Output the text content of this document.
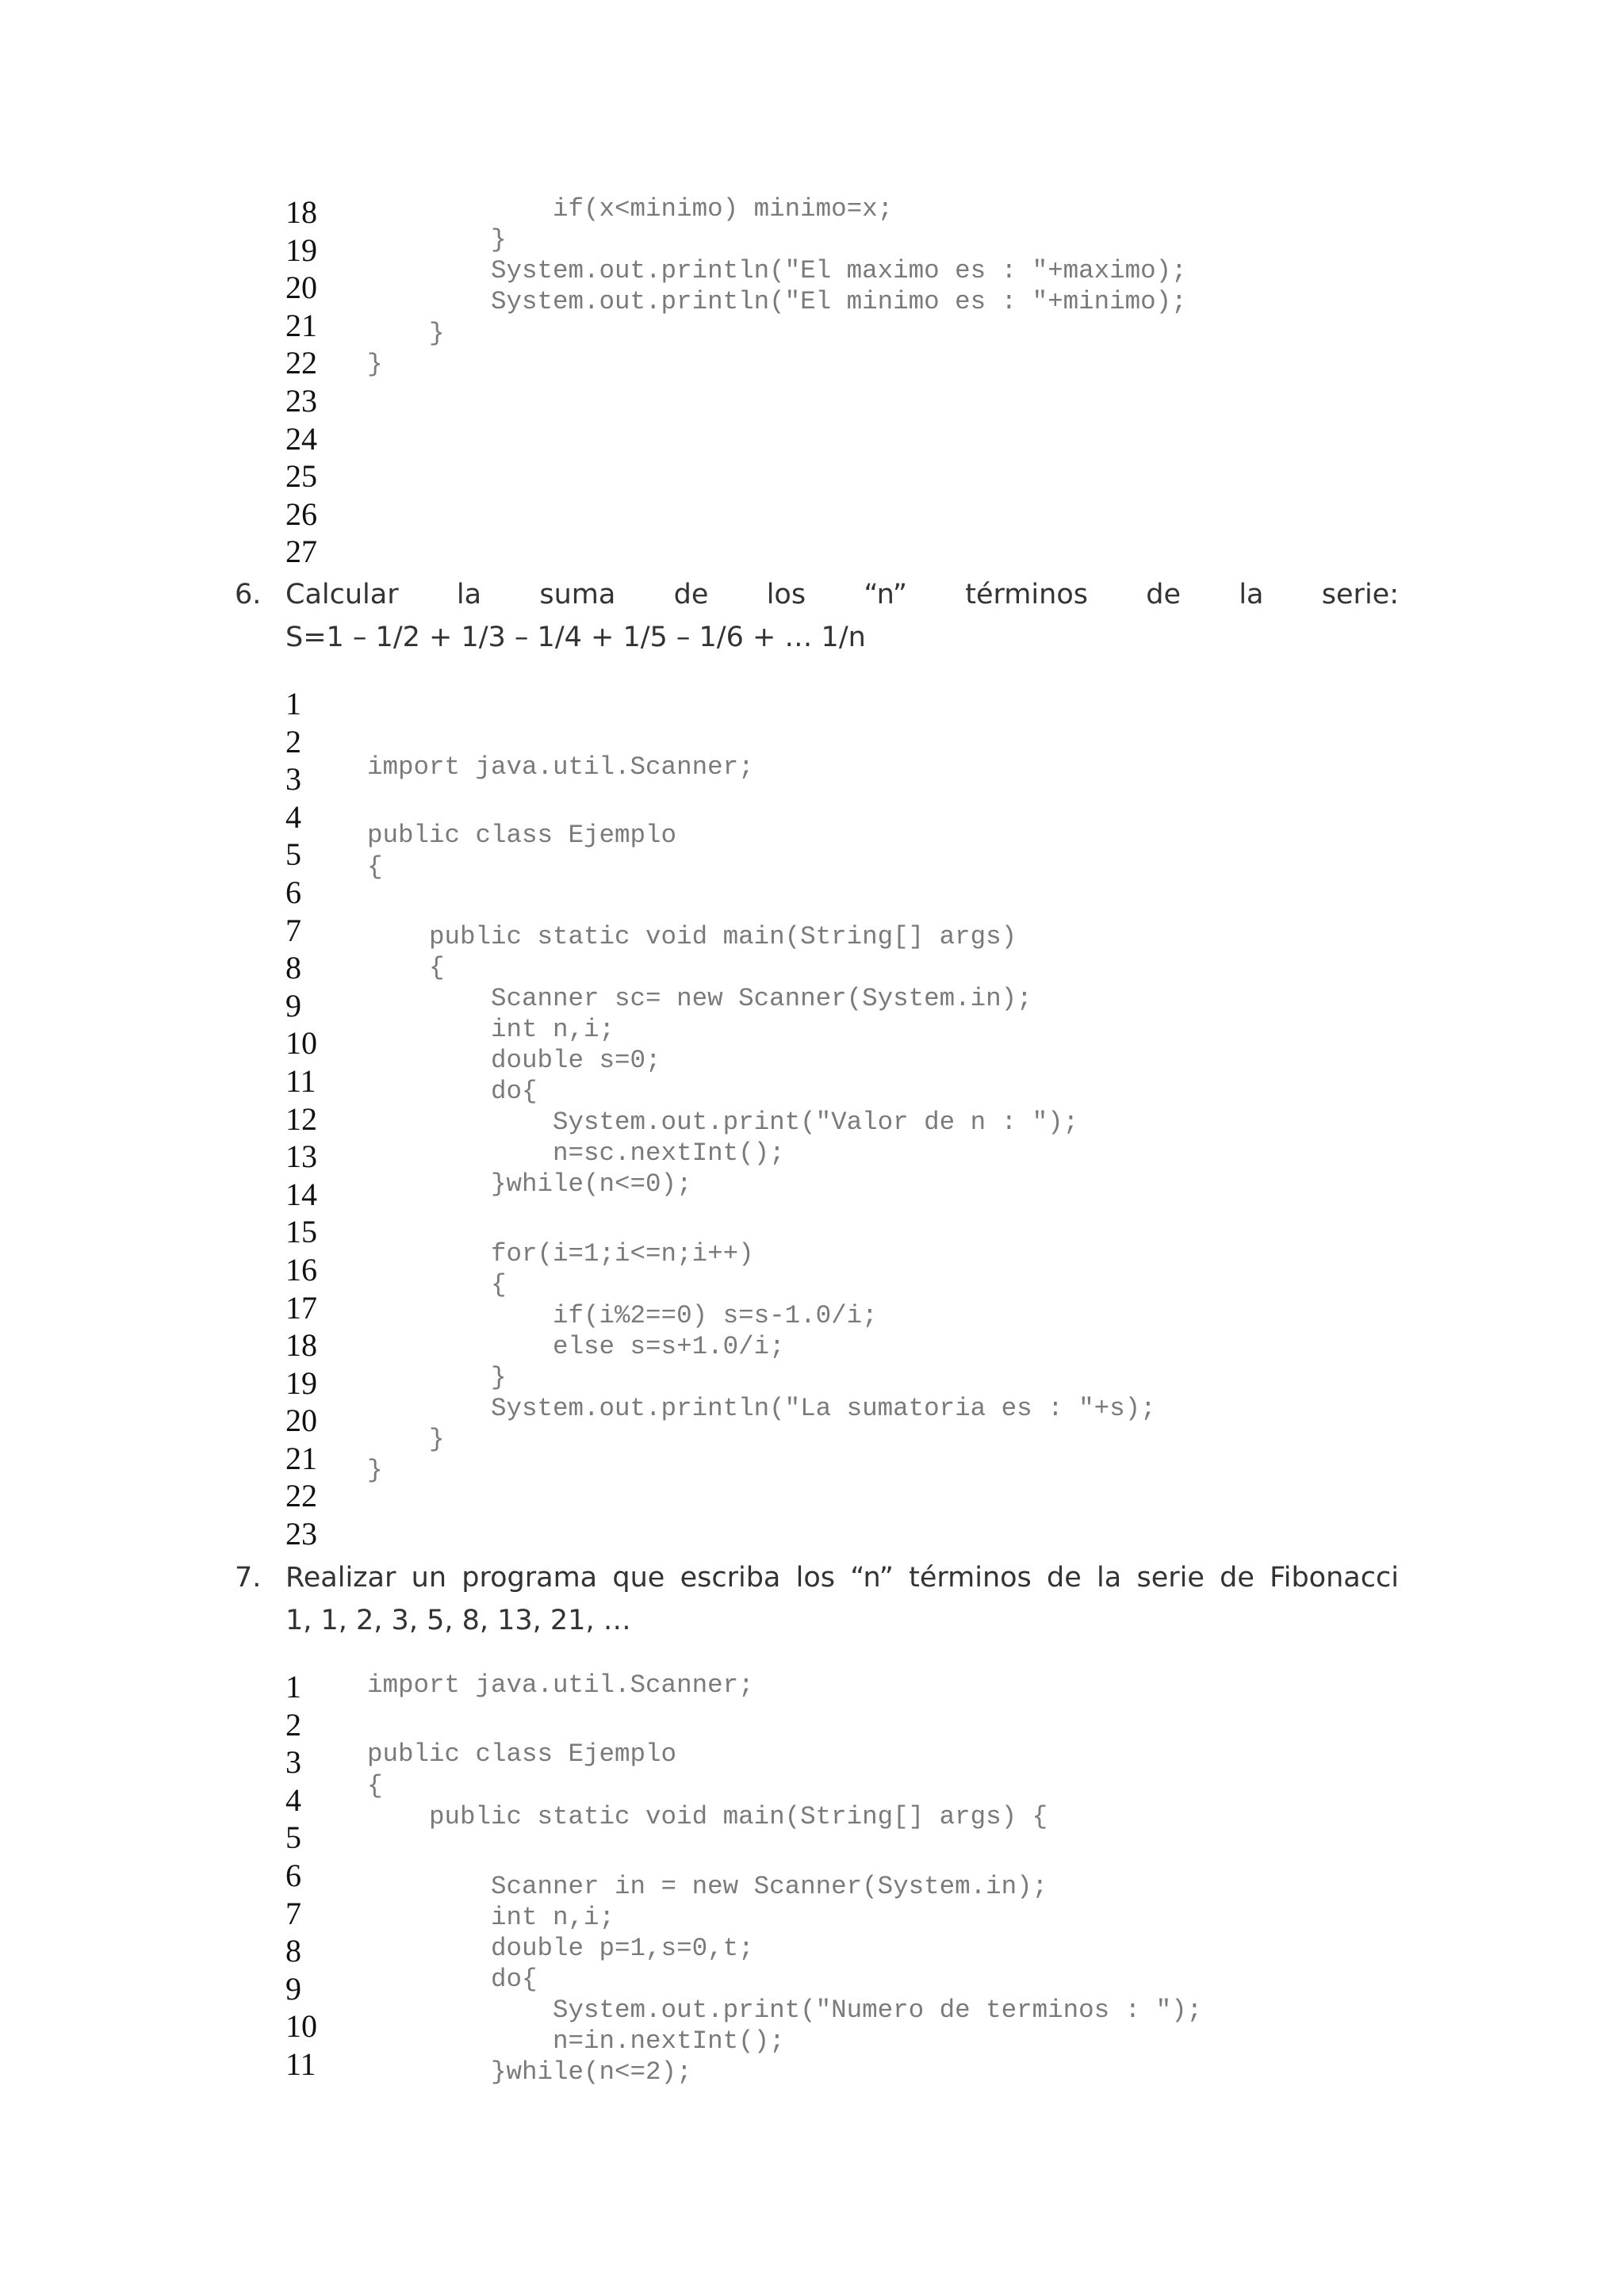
18
19
20
21
22
23
24
25
26
27
if(x<minimo) minimo=x;
}
System.out.println("El maximo es : "+maximo);
System.out.println("El minimo es : "+minimo);
}
}
6. Calcular la suma de los “n” términos de la serie:
S=1 – 1/2 + 1/3 – 1/4 + 1/5 – 1/6 + … 1/n
1
2
3
4
5
6
7
8
9
10
11
12
13
14
15
16
17
18
19
20
21
22
23
import java.util.Scanner;
public class Ejemplo
{
public static void main(String[] args)
{
Scanner sc= new Scanner(System.in);
int n,i;
double s=0;
do{
System.out.print("Valor de n : ");
n=sc.nextInt();
}while(n<=0);
for(i=1;i<=n;i++)
{
if(i%2==0) s=s-1.0/i;
else s=s+1.0/i;
}
System.out.println("La sumatoria es : "+s);
}
}
7. Realizar un programa que escriba los “n” términos de la serie de Fibonacci
1, 1, 2, 3, 5, 8, 13, 21, …
1
2
3
4
5
6
7
8
9
10
11
import java.util.Scanner;
public class Ejemplo
{
public static void main(String[] args) {
Scanner in = new Scanner(System.in);
int n,i;
double p=1,s=0,t;
do{
System.out.print("Numero de terminos : ");
n=in.nextInt();
}while(n<=2);
